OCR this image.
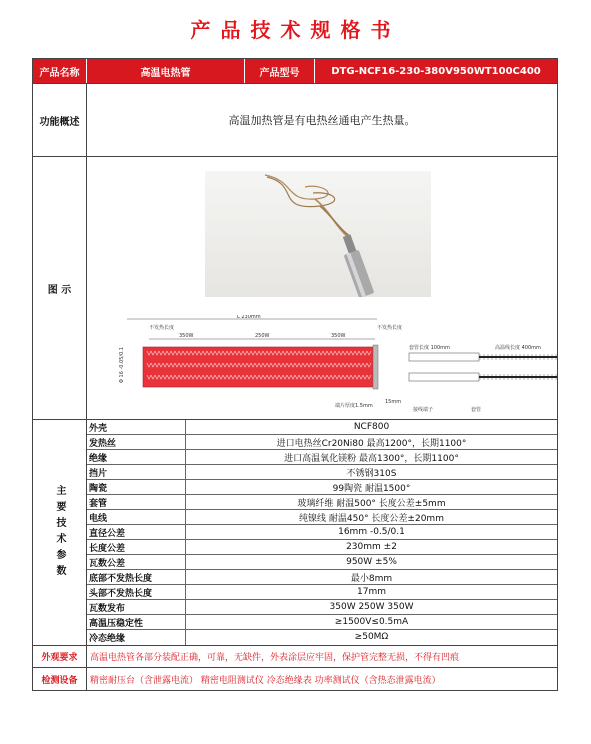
产品技术规格书
产品名称	高温电热管	产品型号	DTG-NCF16-230-380V950WT100C400
功能概述	高温加热管是有电热丝通电产生热量。
图 示
L 230mm
不发热长度	不发热长度
350W	250W	350W
Φ 16 -0.05/0.1	套管长度 100mm	高温线长度 400mm
端片厚度1.5mm
15mm
接线端子	套管
主要技术参数
外壳	NCF800
发热丝	进口电热丝Cr20Ni80 最高1200°，长期1100°
绝缘	进口高温氧化镁粉 最高1300°，长期1100°
挡片	不锈钢310S
陶瓷	99陶瓷 耐温1500°
套管	玻璃纤维 耐温500° 长度公差±5mm
电线	纯镍线 耐温450° 长度公差±20mm
直径公差	16mm -0.5/0.1
长度公差	230mm ±2
瓦数公差	950W ±5%
底部不发热长度	最小8mm
头部不发热长度	17mm
瓦数发布	350W 250W 350W
高温压稳定性	≥1500V≤0.5mA
冷态绝缘	≥50MΩ
外观要求	高温电热管各部分装配正确，可靠，无缺件，外表涂层应牢固，保护管完整无损，不得有凹痕
检测设备	精密耐压台（含泄露电流） 精密电阻测试仪 冷态绝缘表 功率测试仪（含热态泄露电流）
